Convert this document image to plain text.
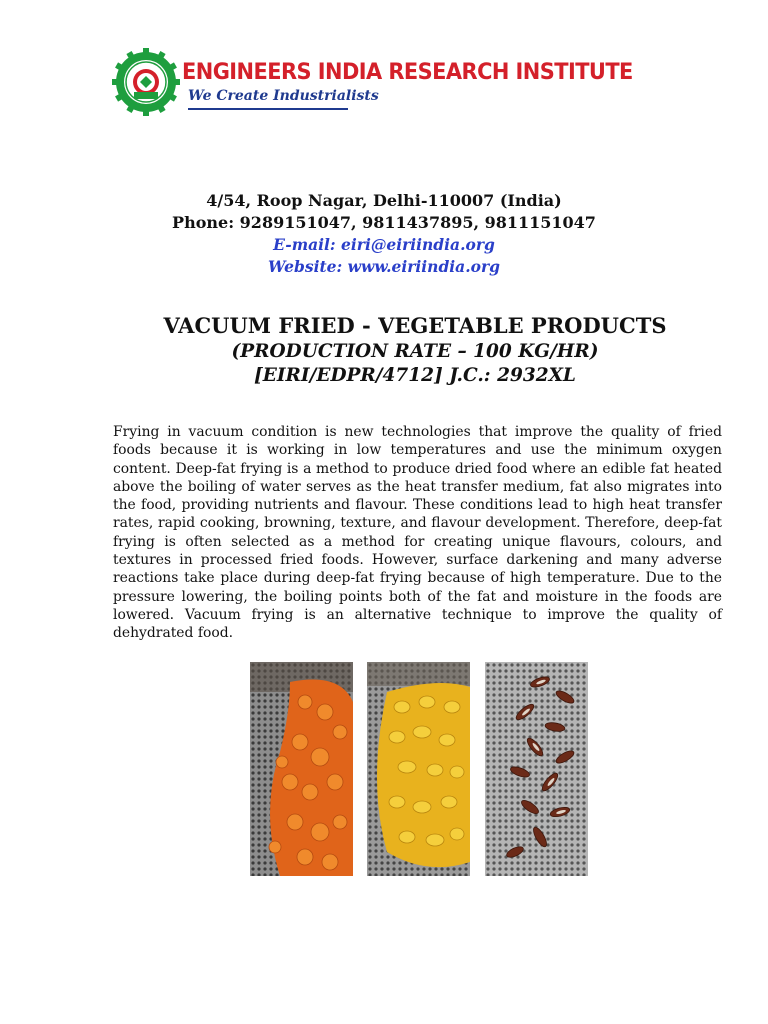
ENGINEERS INDIA RESEARCH INSTITUTE
We Create Industrialists
4/54, Roop Nagar, Delhi-110007 (India)
Phone: 9289151047, 9811437895, 9811151047
E-mail: eiri@eiriindia.org
Website: www.eiriindia.org
VACUUM FRIED - VEGETABLE PRODUCTS
(PRODUCTION RATE – 100 KG/HR)
[EIRI/EDPR/4712] J.C.: 2932XL

Frying in vacuum condition is new technologies that improve the quality of fried foods because it is working in low temperatures and use the minimum oxygen content. Deep-fat frying is a method to produce dried food where an edible fat heated above the boiling of water serves as the heat transfer medium, fat also migrates into the food, providing nutrients and flavour. These conditions lead to high heat transfer rates, rapid cooking, browning, texture, and flavour development. Therefore, deep-fat frying is often selected as a method for creating unique flavours, colours, and textures in processed fried foods. However, surface darkening and many adverse reactions take place during deep-fat frying because of high temperature. Due to the pressure lowering, the boiling points both of the fat and moisture in the foods are lowered. Vacuum frying is an alternative technique to improve the quality of dehydrated food.
